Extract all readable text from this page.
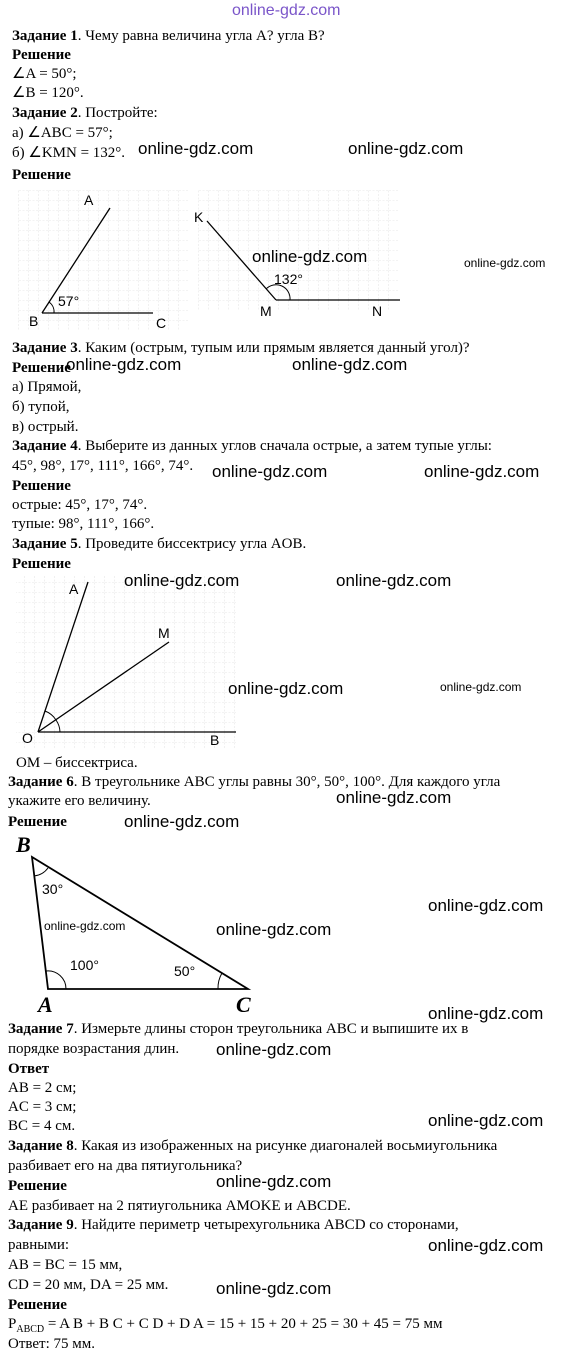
online-gdz.com
Задание 1. Чему равна величина угла A? угла B?
Решение
∠A = 50°;
∠B = 120°.
Задание 2. Постройте:
а) ∠ABC = 57°;
б) ∠KMN = 132°. online-gdz.com	online-gdz.com
Решение
A
B	C
57°
K
M	N
132°
online-gdz.com	online-gdz.com
Задание 3. Каким (острым, тупым или прямым является данный угол)?
Решение
online-gdz.com	online-gdz.com
а) Прямой,
б) тупой,
в) острый.
Задание 4. Выберите из данных углов сначала острые, а затем тупые углы:
45°, 98°, 17°, 111°, 166°, 74°. online-gdz.com	online-gdz.com
Решение
острые: 45°, 17°, 74°.
тупые: 98°, 111°, 166°.
Задание 5. Проведите биссектрису угла AOB.
Решение
A
M
O	B
online-gdz.com	online-gdz.com
online-gdz.com	online-gdz.com
OM – биссектриса.
Задание 6. В треугольнике ABC углы равны 30°, 50°, 100°. Для каждого угла
укажите его величину.	online-gdz.com
Решение	online-gdz.com
B
A	C
30°
100°	50°
online-gdz.com
online-gdz.com
online-gdz.com
online-gdz.com
Задание 7. Измерьте длины сторон треугольника ABC и выпишите их в
порядке возрастания длин. online-gdz.com
Ответ
AB = 2 см;
AC = 3 см;
BC = 4 см.	online-gdz.com
Задание 8. Какая из изображенных на рисунке диагоналей восьмиугольника
разбивает его на два пятиугольника?
online-gdz.com
Решение
AE разбивает на 2 пятиугольника AMOKE и ABCDE.
Задание 9. Найдите периметр четырехугольника ABCD со сторонами,
равными:	online-gdz.com
AB = BC = 15 мм,
CD = 20 мм, DA = 25 мм.	online-gdz.com
Решение
$P_{ABCD} = A$ B + B C + C D + D A = 15 + 15 + 20 + 25 = 30 + 45 = 75 мм
Ответ: 75 мм.
